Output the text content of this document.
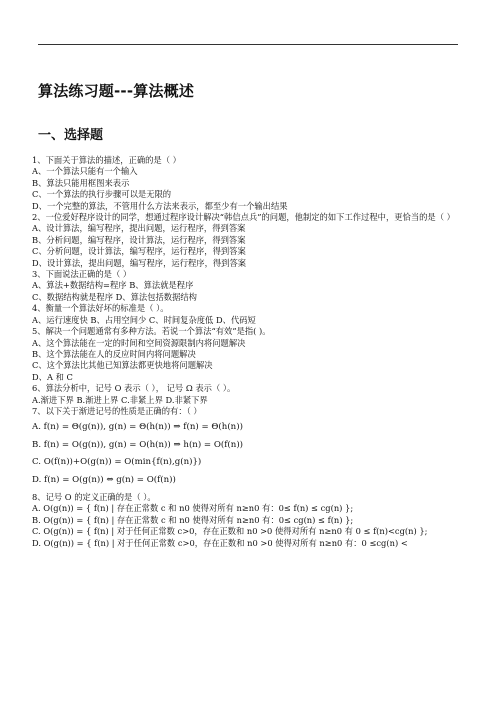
算法练习题---算法概述
一、选择题
1、下面关于算法的描述，正确的是（ ）
A、一个算法只能有一个输入
B、算法只能用框图来表示
C、一个算法的执行步骤可以是无限的
D、一个完整的算法，不管用什么方法来表示，都至少有一个输出结果
2、一位爱好程序设计的同学，想通过程序设计解决“韩信点兵”的问题，他制定的如下工作过程中，更恰当的是（ ）
A、设计算法，编写程序，提出问题，运行程序，得到答案
B、分析问题，编写程序，设计算法，运行程序，得到答案
C、分析问题，设计算法，编写程序，运行程序，得到答案
D、设计算法，提出问题，编写程序，运行程序，得到答案
3、下面说法正确的是（ ）
A、算法+数据结构=程序 B、算法就是程序
C、数据结构就是程序 D、算法包括数据结构
4、衡量一个算法好坏的标准是（ ）。
A、运行速度快 B、占用空间少 C、时间复杂度低 D、代码短
5、解决一个问题通常有多种方法。若说一个算法“有效”是指( )。
A、这个算法能在一定的时间和空间资源限制内将问题解决
B、这个算法能在人的反应时间内将问题解决
C、这个算法比其他已知算法都更快地将问题解决
D、A 和 C
6、算法分析中，记号 O 表示（ ）， 记号 Ω 表示（ ）。
A.渐进下界 B.渐进上界 C.非紧上界 D.非紧下界
7、以下关于渐进记号的性质是正确的有：（ ）
A. f(n) = Θ(g(n)), g(n) = Θ(h(n)) ⇒ f(n) = Θ(h(n))
B. f(n) = O(g(n)), g(n) = O(h(n)) ⇒ h(n) = O(f(n))
C. O(f(n))+O(g(n)) = O(min{f(n),g(n)})
D. f(n) = O(g(n)) ⇔ g(n) = O(f(n))
8、记号 O 的定义正确的是（ ）。
A. O(g(n)) = { f(n) | 存在正常数 c 和 n0 使得对所有 n≥n0 有：0≤ f(n) ≤ cg(n) };
B. O(g(n)) = { f(n) | 存在正常数 c 和 n0 使得对所有 n≥n0 有：0≤ cg(n) ≤ f(n) };
C. O(g(n)) = { f(n) | 对于任何正常数 c>0，存在正数和 n0 >0 使得对所有 n≥n0 有 0 ≤ f(n)<cg(n) };
D. O(g(n)) = { f(n) | 对于任何正常数 c>0，存在正数和 n0 >0 使得对所有 n≥n0 有：0 ≤cg(n) <
